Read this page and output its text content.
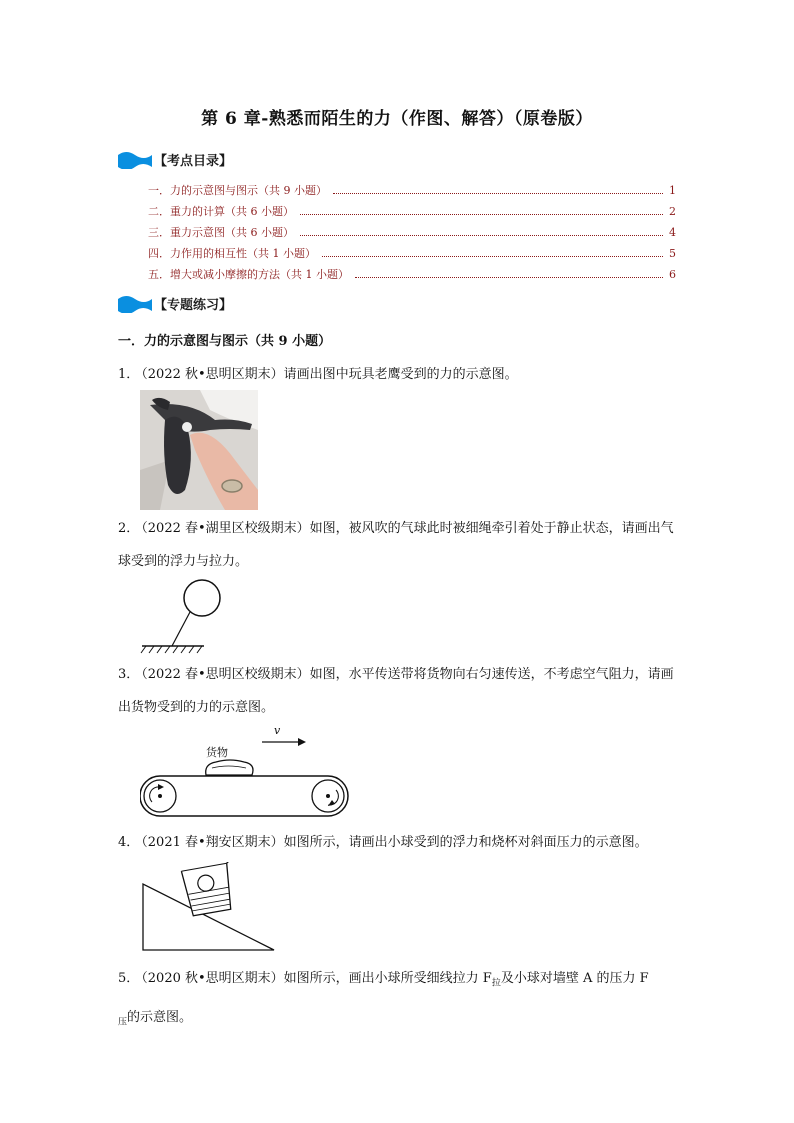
第 6 章-熟悉而陌生的力（作图、解答）（原卷版）
【考点目录】
一．力的示意图与图示（共 9 小题）	1
二．重力的计算（共 6 小题）	2
三．重力示意图（共 6 小题）	4
四．力作用的相互性（共 1 小题）	5
五．增大或减小摩擦的方法（共 1 小题）	6
【专题练习】
一．力的示意图与图示（共 9 小题）
1． （2022 秋•思明区期末）请画出图中玩具老鹰受到的力的示意图。
2． （2022 春•湖里区校级期末）如图，被风吹的气球此时被细绳牵引着处于静止状态，请画出气球受到的浮力与拉力。
3． （2022 春•思明区校级期末）如图，水平传送带将货物向右匀速传送，不考虑空气阻力，请画出货物受到的力的示意图。
货物
v
4． （2021 春•翔安区期末）如图所示，请画出小球受到的浮力和烧杯对斜面压力的示意图。
5． （2020 秋•思明区期末）如图所示，画出小球所受细线拉力 $F_拉$及小球对墙壁 A 的压力 F
$_压$的示意图。
